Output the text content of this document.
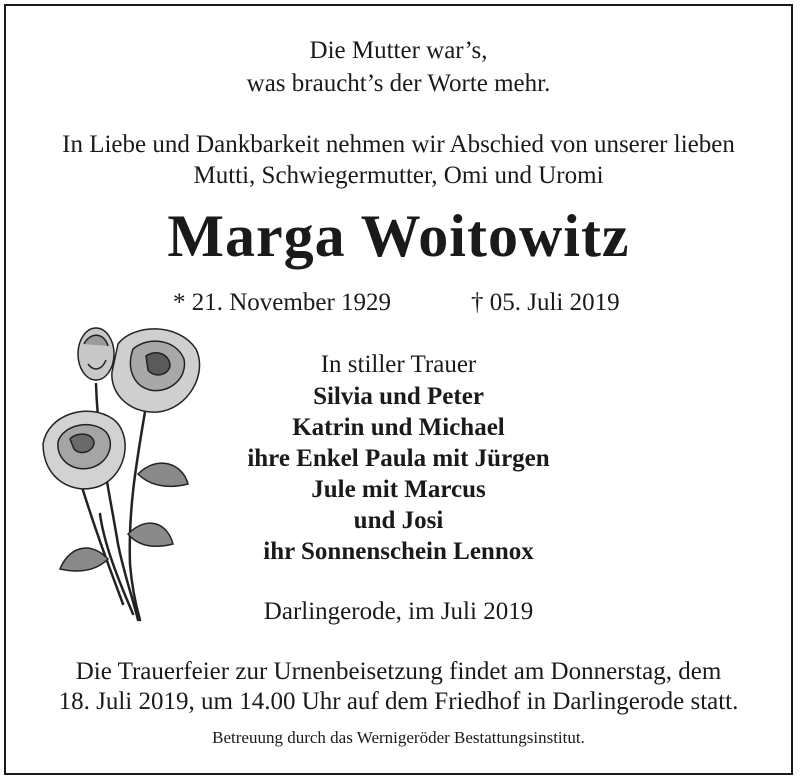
Die Mutter war’s,
was braucht’s der Worte mehr.
In Liebe und Dankbarkeit nehmen wir Abschied von unserer lieben
Mutti, Schwiegermutter, Omi und Uromi
Marga Woitowitz
* 21. November 1929	† 05. Juli 2019
In stiller Trauer
Silvia und Peter
Katrin und Michael
ihre Enkel Paula mit Jürgen
Jule mit Marcus
und Josi
ihr Sonnenschein Lennox
Darlingerode, im Juli 2019
Die Trauerfeier zur Urnenbeisetzung findet am Donnerstag, dem
18. Juli 2019, um 14.00 Uhr auf dem Friedhof in Darlingerode statt.
Betreuung durch das Wernigeröder Bestattungsinstitut.
